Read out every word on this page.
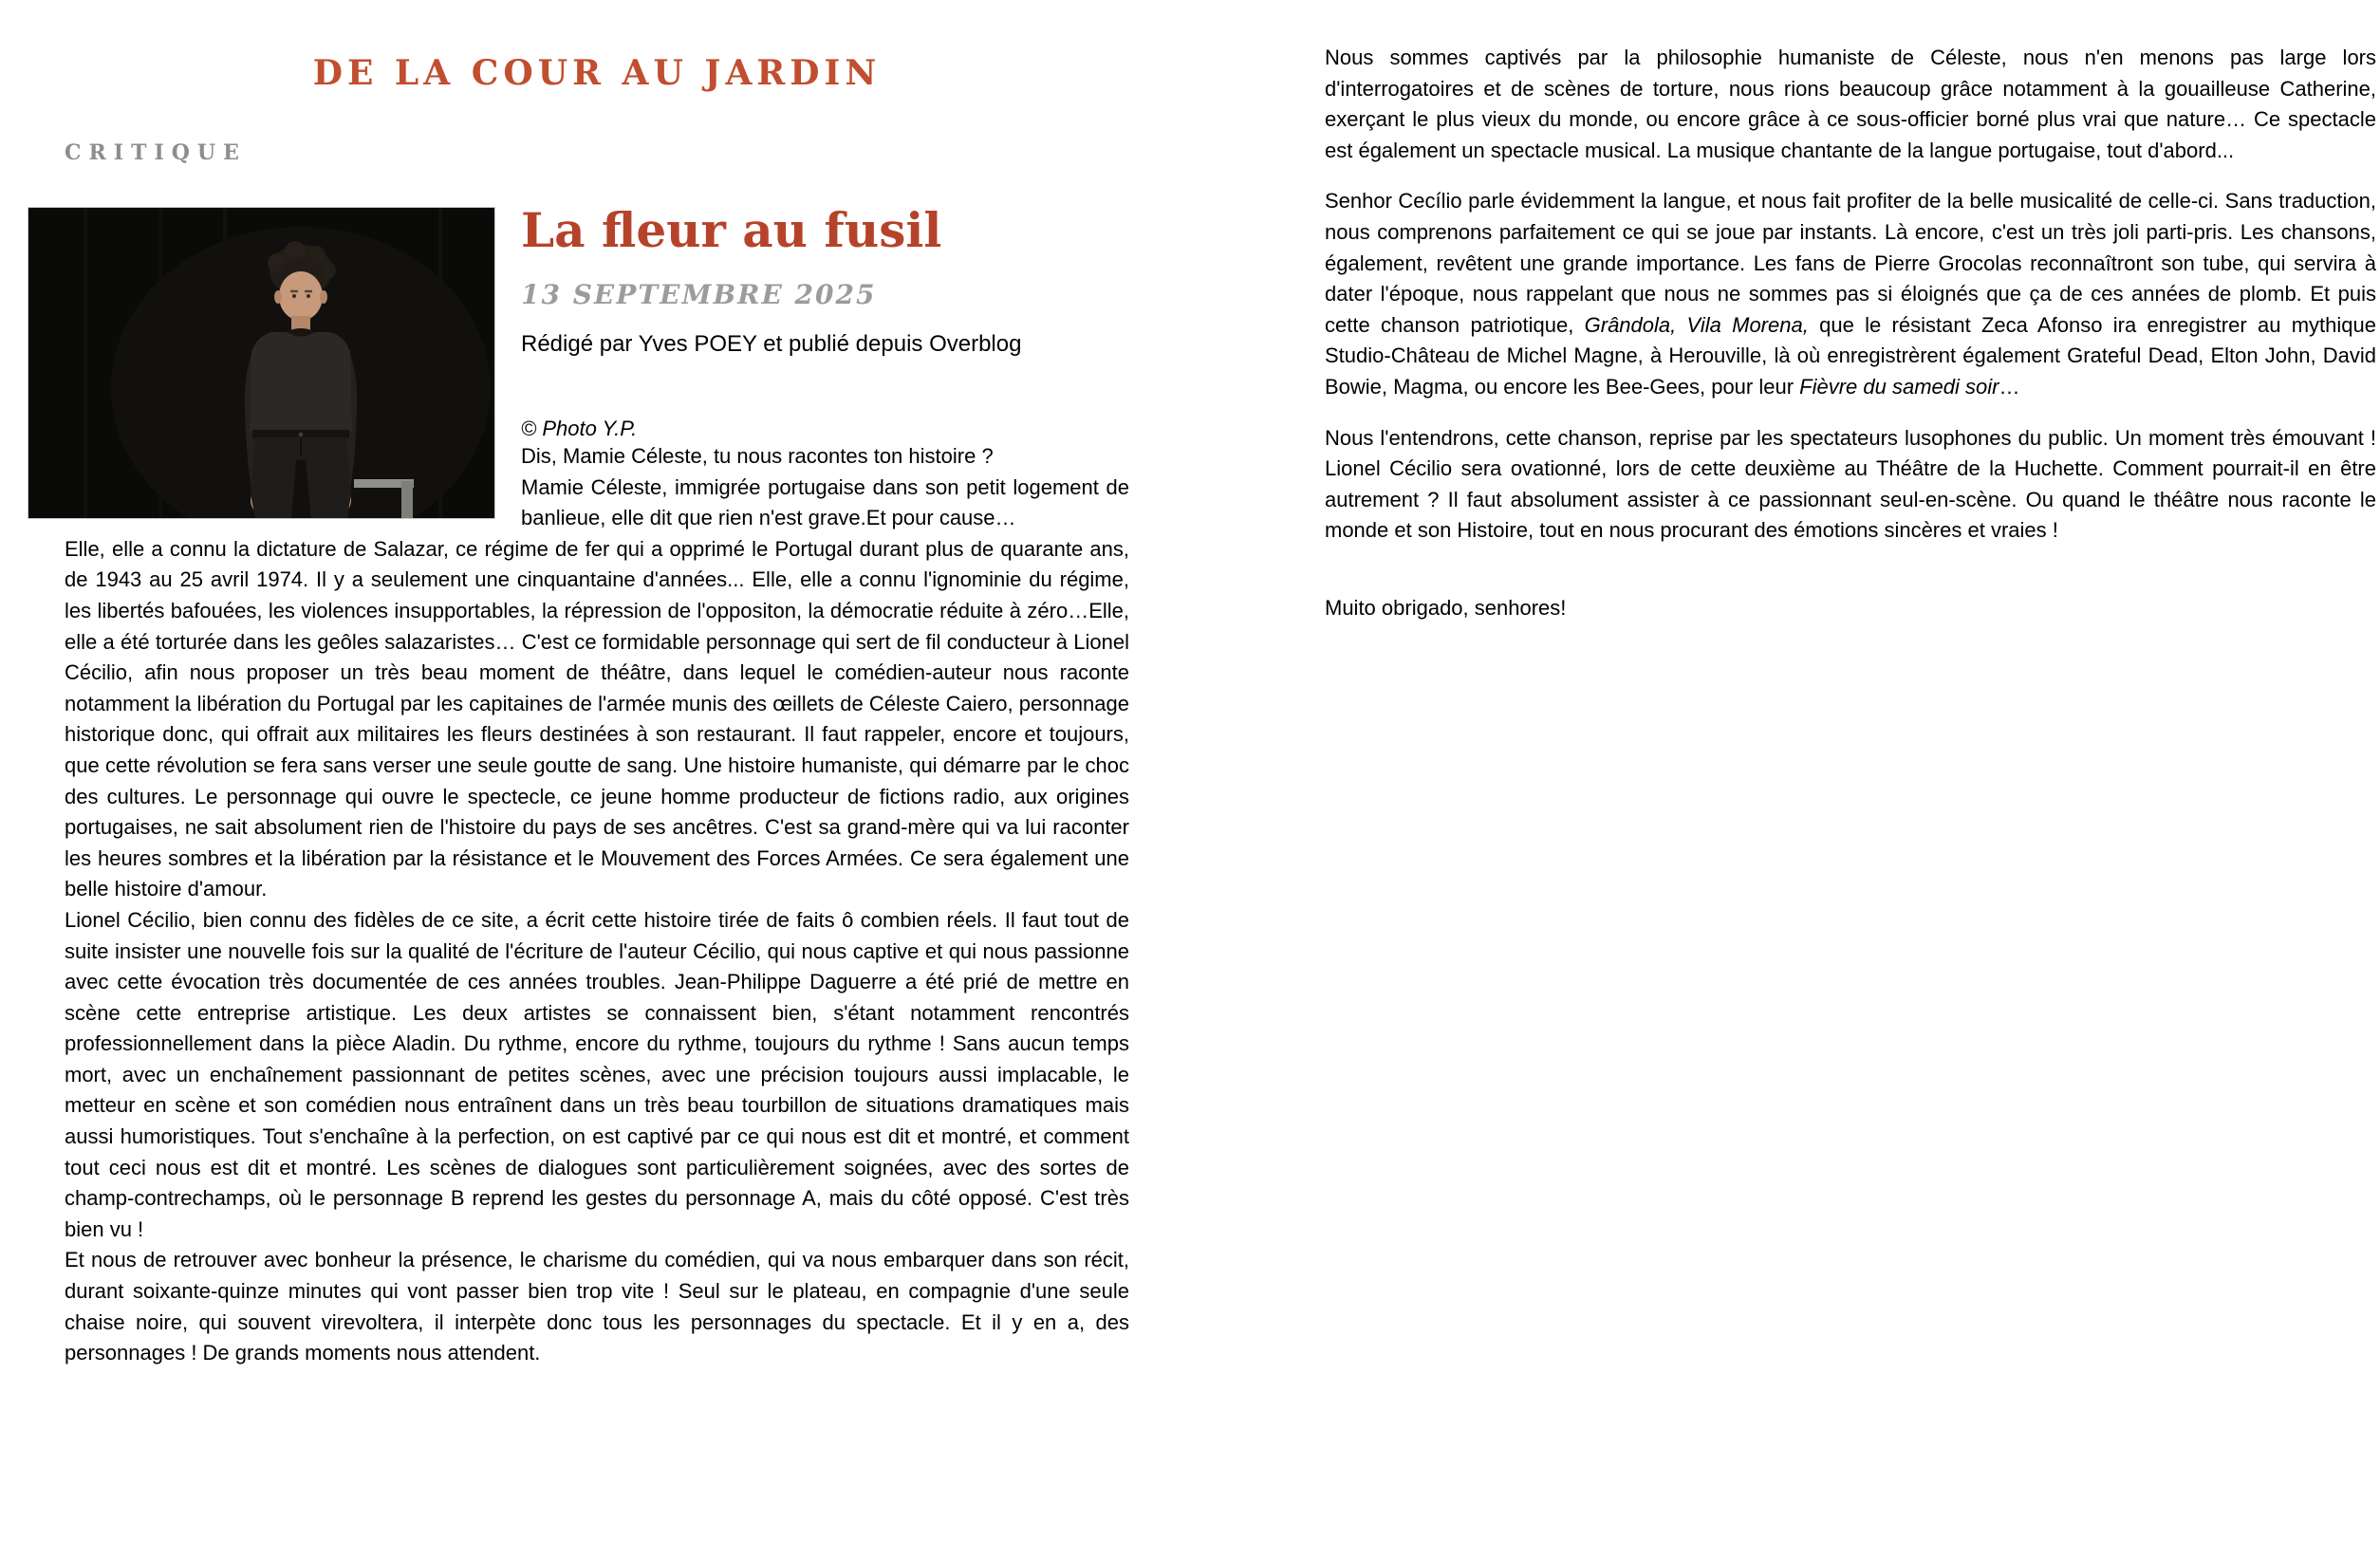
DE LA COUR AU JARDIN
CRITIQUE
La fleur au fusil
13 SEPTEMBRE 2025
Rédigé par Yves POEY et publié depuis Overblog
© Photo Y.P.

Dis, Mamie Céleste, tu nous racontes ton histoire ?

Mamie Céleste, immigrée portugaise dans son petit logement de banlieue, elle dit que rien n'est grave.Et pour cause…

Elle, elle a connu la dictature de Salazar, ce régime de fer qui a opprimé le Portugal durant plus de quarante ans, de 1943 au 25 avril 1974. Il y a seulement une cinquantaine d'années... Elle, elle a connu l'ignominie du régime, les libertés bafouées, les violences insupportables, la répression de l'oppositon, la démocratie réduite à zéro…Elle, elle a été torturée dans les geôles salazaristes… C'est ce formidable personnage qui sert de fil conducteur à Lionel Cécilio, afin nous proposer un très beau moment de théâtre, dans lequel le comédien-auteur nous raconte notamment la libération du Portugal par les capitaines de l'armée munis des œillets de Céleste Caiero, personnage historique donc, qui offrait aux militaires les fleurs destinées à son restaurant. Il faut rappeler, encore et toujours, que cette révolution se fera sans verser une seule goutte de sang. Une histoire humaniste, qui démarre par le choc des cultures. Le personnage qui ouvre le spectecle, ce jeune homme producteur de fictions radio, aux origines portugaises, ne sait absolument rien de l'histoire du pays de ses ancêtres. C'est sa grand-mère qui va lui raconter les heures sombres et la libération par la résistance et le Mouvement des Forces Armées. Ce sera également une belle histoire d'amour.

Lionel Cécilio, bien connu des fidèles de ce site, a écrit cette histoire tirée de faits ô combien réels. Il faut tout de suite insister une nouvelle fois sur la qualité de l'écriture de l'auteur Cécilio, qui nous captive et qui nous passionne avec cette évocation très documentée de ces années troubles. Jean-Philippe Daguerre a été prié de mettre en scène cette entreprise artistique. Les deux artistes se connaissent bien, s'étant notamment rencontrés professionnellement dans la pièce Aladin. Du rythme, encore du rythme, toujours du rythme ! Sans aucun temps mort, avec un enchaînement passionnant de petites scènes, avec une précision toujours aussi implacable, le metteur en scène et son comédien nous entraînent dans un très beau tourbillon de situations dramatiques mais aussi humoristiques. Tout s'enchaîne à la perfection, on est captivé par ce qui nous est dit et montré, et comment tout ceci nous est dit et montré. Les scènes de dialogues sont particulièrement soignées, avec des sortes de champ-contrechamps, où le personnage B reprend les gestes du personnage A, mais du côté opposé. C'est très bien vu !

Et nous de retrouver avec bonheur la présence, le charisme du comédien, qui va nous embarquer dans son récit, durant soixante-quinze minutes qui vont passer bien trop vite ! Seul sur le plateau, en compagnie d'une seule chaise noire, qui souvent virevoltera, il interpète donc tous les personnages du spectacle. Et il y en a, des personnages ! De grands moments nous attendent.

Nous sommes captivés par la philosophie humaniste de Céleste, nous n'en menons pas large lors d'interrogatoires et de scènes de torture, nous rions beaucoup grâce notamment à la gouailleuse Catherine, exerçant le plus vieux du monde, ou encore grâce à ce sous-officier borné plus vrai que nature… Ce spectacle est également un spectacle musical. La musique chantante de la langue portugaise, tout d'abord...

Senhor Cecílio parle évidemment la langue, et nous fait profiter de la belle musicalité de celle-ci. Sans traduction, nous comprenons parfaitement ce qui se joue par instants. Là encore, c'est un très joli parti-pris. Les chansons, également, revêtent une grande importance. Les fans de Pierre Grocolas reconnaîtront son tube, qui servira à dater l'époque, nous rappelant que nous ne sommes pas si éloignés que ça de ces années de plomb. Et puis cette chanson patriotique, Grândola, Vila Morena, que le résistant Zeca Afonso ira enregistrer au mythique Studio-Château de Michel Magne, à Herouville, là où enregistrèrent également Grateful Dead, Elton John, David Bowie, Magma, ou encore les Bee-Gees, pour leur Fièvre du samedi soir…

Nous l'entendrons, cette chanson, reprise par les spectateurs lusophones du public. Un moment très émouvant ! Lionel Cécilio sera ovationné, lors de cette deuxième au Théâtre de la Huchette. Comment pourrait-il en être autrement ? Il faut absolument assister à ce passionnant seul-en-scène. Ou quand le théâtre nous raconte le monde et son Histoire, tout en nous procurant des émotions sincères et vraies !

Muito obrigado, senhores!
